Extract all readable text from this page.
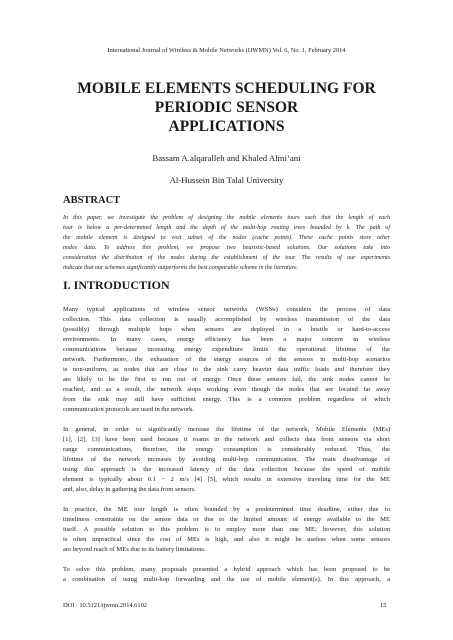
International Journal of Wireless & Mobile Networks (IJWMN) Vol. 6, No. 1, February 2014
MOBILE ELEMENTS SCHEDULING FOR
PERIODIC SENSOR
APPLICATIONS
Bassam A.alqaralleh and Khaled Almi’ani
Al-Hussein Bin Talal University
ABSTRACT
In this paper, we investigate the problem of designing the mobile elements tours such that the length of each
tour is below a per-determined length and the depth of the multi-hop routing trees bounded by k. The path of
the mobile element is designed to visit subset of the nodes (cache points). These cache points store other
nodes data. To address this problem, we propose two heuristic-based solutions. Our solutions take into
consideration the distribution of the nodes during the establishment of the tour. The results of our experiments
indicate that our schemes significantly outperforms the best comparable scheme in the literature.
I. INTRODUCTION
Many typical applications of wireless sensor networks (WSNs) considers the process of data
collection. This data collection is usually accomplished by wireless transmission of the data
(possibly) through multiple hops when sensors are deployed in a hostile or hard-to-access
environments. In many cases, energy efficiency has been a major concern in wireless
communications because increasing energy expenditure limits the operational lifetime of the
network. Furthermore, the exhaustion of the energy sources of the sensors in multi-hop scenarios
is non-uniform, as nodes that are close to the sink carry heavier data traffic loads and therefore they
are likely to be the first to run out of energy. Once these sensors fail, the sink nodes cannot be
reached, and as a result, the network stops working even though the nodes that are located far away
from the sink may still have sufficient energy. This is a common problem regardless of which
communication protocols are used in the network.
In general, in order to significantly increase the lifetime of the network, Mobile Elements (MEs)
[1], [2], [3] have been used because it roams in the network and collects data from sensors via short
range communications, therefore, the energy consumption is considerably reduced. Thus, the
lifetime of the network increases by avoiding multi-hop communication. The main disadvantage of
using this approach is the increased latency of the data collection because the speed of mobile
element is typically about 0.1 − 2 m/s [4] [5], which results in extensive traveling time for the ME
and, also, delay in gathering the data from sensors.
In practice, the ME tour length is often bounded by a predetermined time deadline, either due to
timeliness constraints on the sensor data or due to the limited amount of energy available to the ME
itself. A possible solution to this problem is to employ more than one ME; however, this solution
is often impractical since the cost of MEs is high, and also it might be useless when some sensors
are beyond reach of MEs due to its battery limitations.
To solve this problem, many proposals presented a hybrid approach which has been proposed to be
a combination of using multi-hop forwarding and the use of mobile element(s). In this approach, a
DOI : 10.5121/ijwmn.2014.6102	15
